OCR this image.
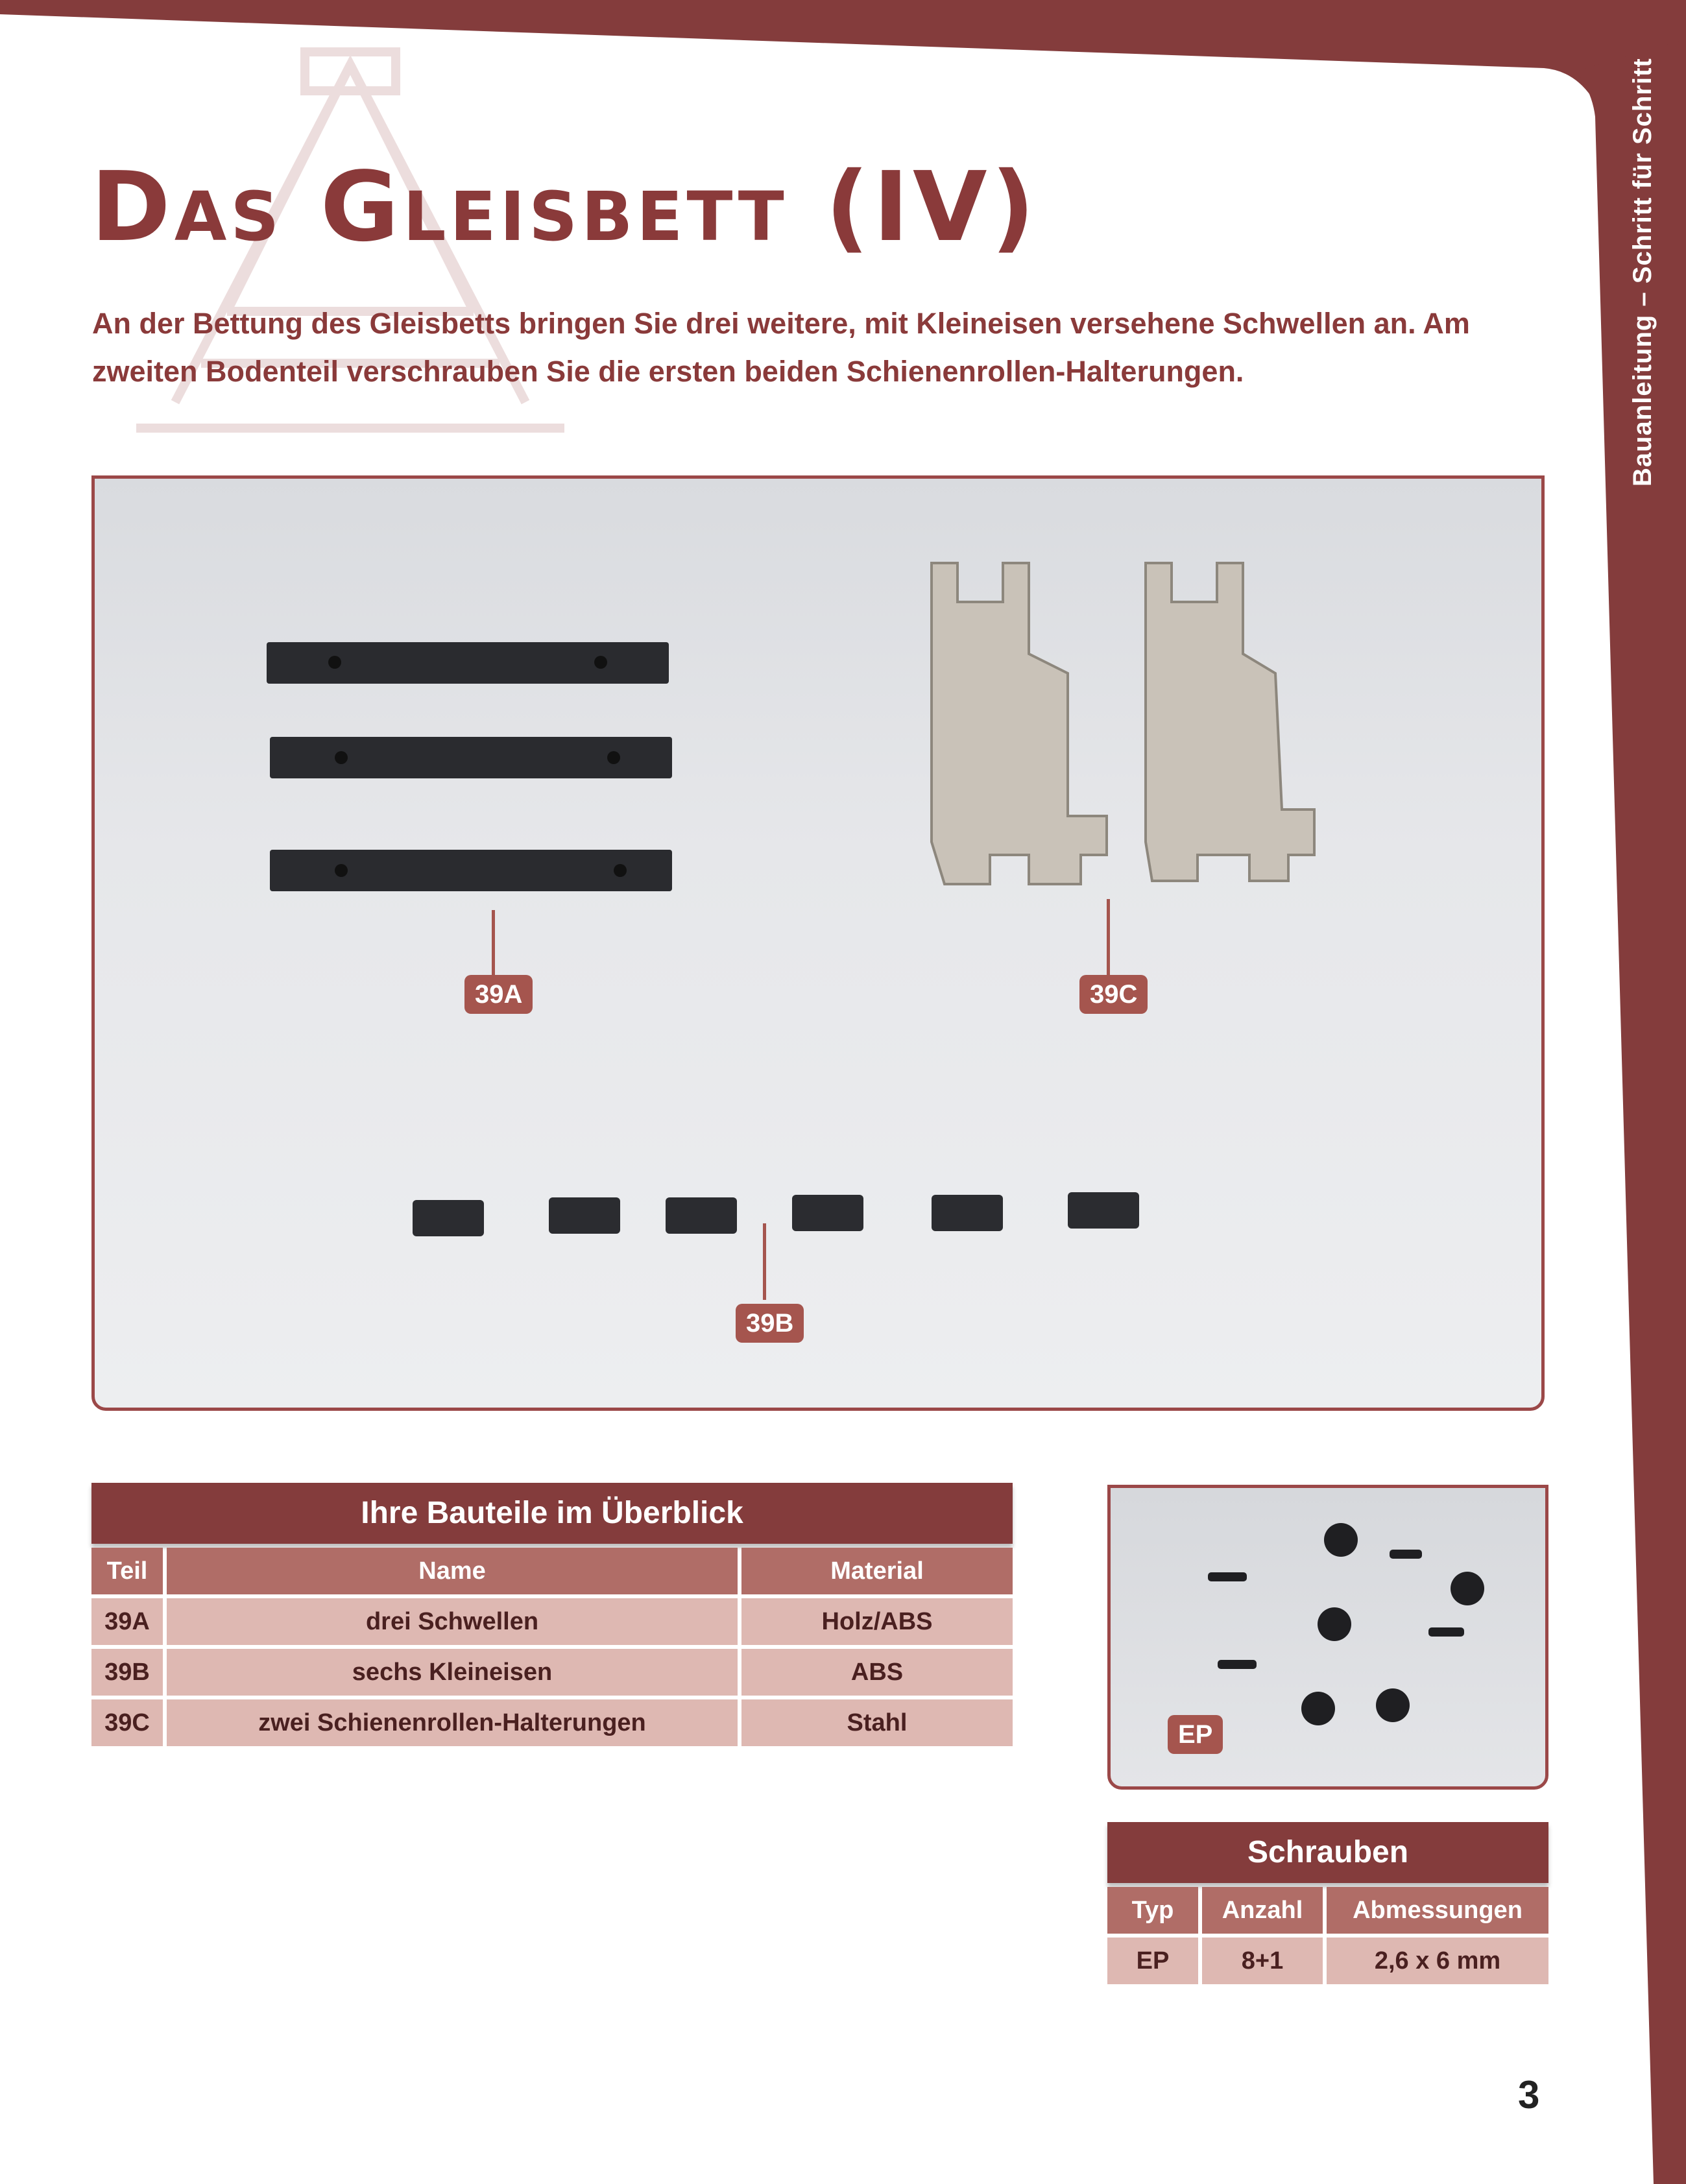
Bauanleitung – Schritt für Schritt
Das Gleisbett (IV)

An der Bettung des Gleisbetts bringen Sie drei weitere, mit Kleineisen versehene Schwellen an. Am zweiten Bodenteil verschrauben Sie die ersten beiden Schienenrollen-Halterungen.

39A	39C
39B
Ihre Bauteile im Überblick
Teil	Name	Material
39A	drei Schwellen	Holz/ABS
39B	sechs Kleineisen	ABS
39C	zwei Schienenrollen-Halterungen	Stahl	EP
Schrauben
Typ	Anzahl	Abmessungen
EP	8+1	2,6 x 6 mm
3
